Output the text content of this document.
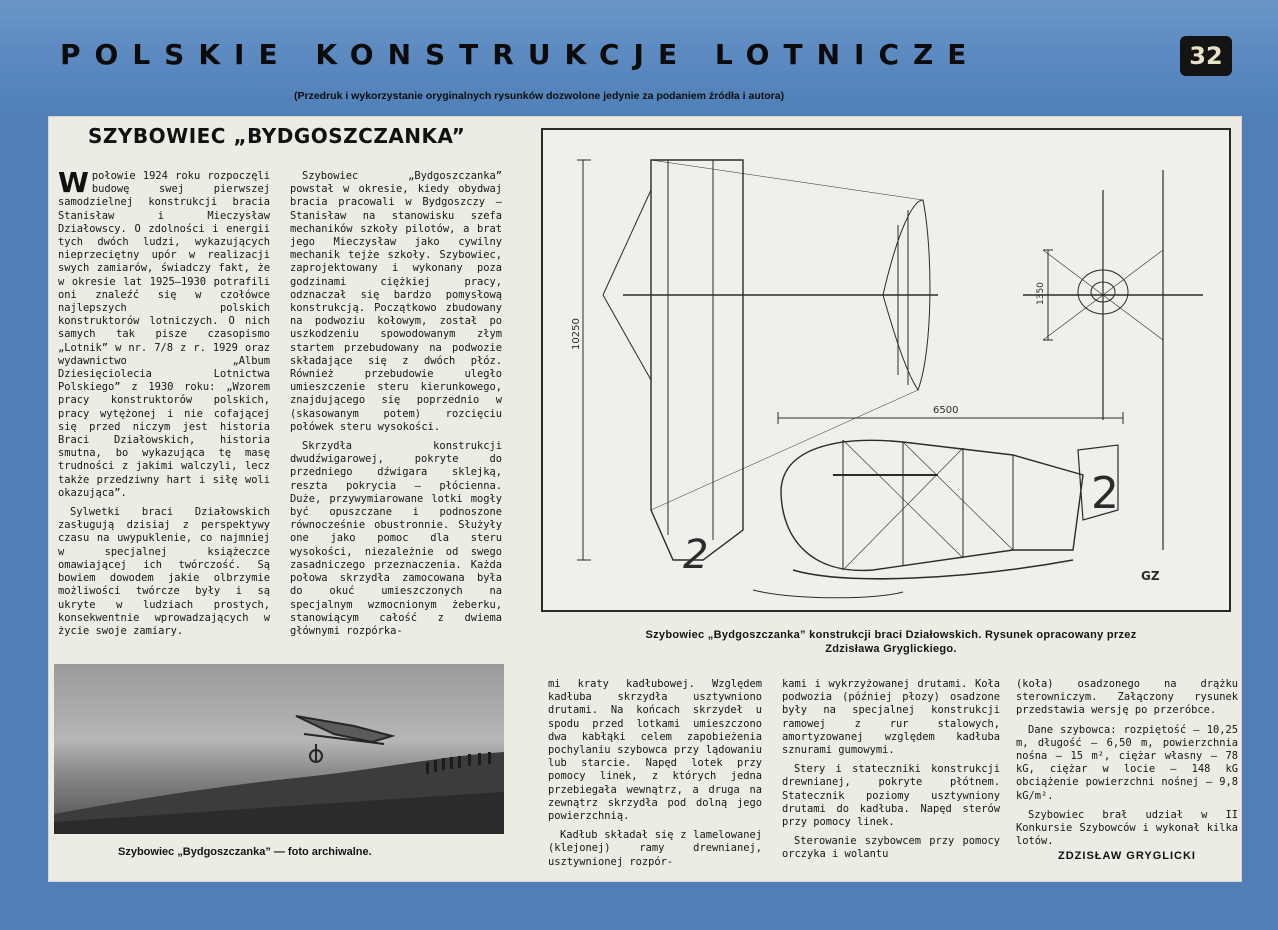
POLSKIE KONSTRUKCJE LOTNICZE	32
(Przedruk i wykorzystanie oryginalnych rysunków dozwolone jedynie za podaniem źródła i autora)
SZYBOWIEC „BYDGOSZCZANKA”

Wpołowie 1924 roku rozpoczęli budowę swej pierwszej samodzielnej konstrukcji bracia Stanisław i Mieczysław Działowscy. O zdolności i energii tych dwóch ludzi, wykazujących nieprzeciętny upór w realizacji swych zamiarów, świadczy fakt, że w okresie lat 1925—1930 potrafili oni znaleźć się w czołówce najlepszych polskich konstruktorów lotniczych. O nich samych tak pisze czasopismo „Lotnik” w nr. 7/8 z r. 1929 oraz wydawnictwo „Album Dziesięciolecia Lotnictwa Polskiego” z 1930 roku: „Wzorem pracy konstruktorów polskich, pracy wytężonej i nie cofającej się przed niczym jest historia Braci Działowskich, historia smutna, bo wykazująca tę masę trudności z jakimi walczyli, lecz także przedziwny hart i siłę woli okazująca”.

Sylwetki braci Działowskich zasługują dzisiaj z perspektywy czasu na uwypuklenie, co najmniej w specjalnej książeczce omawiającej ich twórczość. Są bowiem dowodem jakie olbrzymie możliwości twórcze były i są ukryte w ludziach prostych, konsekwentnie wprowadzających w życie swoje zamiary.

Szybowiec „Bydgoszczanka” powstał w okresie, kiedy obydwaj bracia pracowali w Bydgoszczy — Stanisław na stanowisku szefa mechaników szkoły pilotów, a brat jego Mieczysław jako cywilny mechanik tejże szkoły. Szybowiec, zaprojektowany i wykonany poza godzinami ciężkiej pracy, odznaczał się bardzo pomysłową konstrukcją. Początkowo zbudowany na podwoziu kołowym, został po uszkodzeniu spowodowanym złym startem przebudowany na podwozie składające się z dwóch płóz. Również przebudowie uległo umieszczenie steru kierunkowego, znajdującego się poprzednio w (skasowanym potem) rozcięciu połówek steru wysokości.

Skrzydła konstrukcji dwudźwigarowej, pokryte do przedniego dźwigara sklejką, reszta pokrycia — płócienna. Duże, przywymiarowane lotki mogły być opuszczane i podnoszone równocześnie obustronnie. Służyły one jako pomoc dla steru wysokości, niezależnie od swego zasadniczego przeznaczenia. Każda połowa skrzydła zamocowana była do okuć umieszczonych na specjalnym wzmocnionym żeberku, stanowiącym całość z dwiema głównymi rozpórka-

10250
6500
1350
2
2	GZ
Szybowiec „Bydgoszczanka” konstrukcji braci Działowskich. Rysunek opracowany przez
Zdzisława Gryglickiego.

mi kraty kadłubowej. Względem kadłuba skrzydła usztywniono drutami. Na końcach skrzydeł u spodu przed lotkami umieszczono dwa kabłąki celem zapobieżenia pochylaniu szybowca przy lądowaniu lub starcie. Napęd lotek przy pomocy linek, z których jedna przebiegała wewnątrz, a druga na zewnątrz skrzydła pod dolną jego powierzchnią.

Kadłub składał się z lamelowanej (klejonej) ramy drewnianej, usztywnionej rozpór-

kami i wykrzyżowanej drutami. Koła podwozia (później płozy) osadzone były na specjalnej konstrukcji ramowej z rur stalowych, amortyzowanej względem kadłuba sznurami gumowymi.

Stery i stateczniki konstrukcji drewnianej, pokryte płótnem. Statecznik poziomy usztywniony drutami do kadłuba. Napęd sterów przy pomocy linek.

Sterowanie szybowcem przy pomocy orczyka i wolantu

(koła) osadzonego na drążku sterowniczym. Załączony rysunek przedstawia wersję po przeróbce.

Dane szybowca: rozpiętość — 10,25 m, długość — 6,50 m, powierzchnia nośna — 15 m², ciężar własny — 78 kG, ciężar w locie — 148 kG obciążenie powierzchni nośnej — 9,8 kG/m².

Szybowiec brał udział w II Konkursie Szybowców i wykonał kilka lotów.

ZDZISŁAW GRYGLICKI
Szybowiec „Bydgoszczanka” — foto archiwalne.
